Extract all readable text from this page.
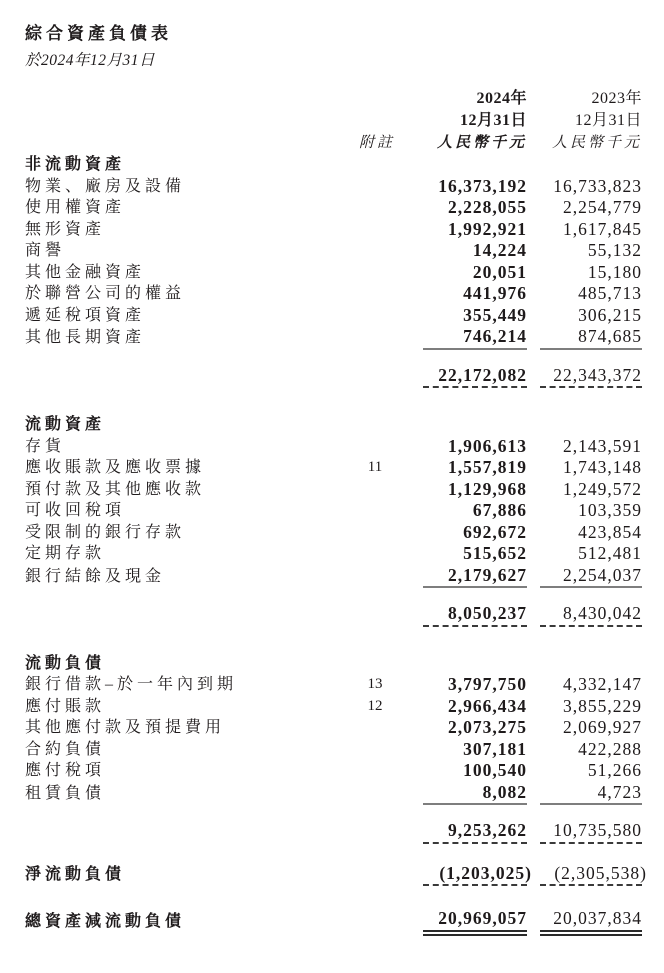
綜合資產負債表
於2024年12月31日
			2024年		2023年
			12月31日		12月31日
	附註		人民幣千元		人民幣千元
非流動資產					
物業、廠房及設備			16,373,192		16,733,823
使用權資產			2,228,055		2,254,779
無形資產			1,992,921		1,617,845
商譽			14,224		55,132
其他金融資產			20,051		15,180
於聯營公司的權益			441,976		485,713
遞延稅項資產			355,449		306,215
其他長期資產			746,214		874,685

			22,172,082		22,343,372

流動資產					
存貨			1,906,613		2,143,591
應收賬款及應收票據	11		1,557,819		1,743,148
預付款及其他應收款			1,129,968		1,249,572
可收回稅項			67,886		103,359
受限制的銀行存款			692,672		423,854
定期存款			515,652		512,481
銀行結餘及現金			2,179,627		2,254,037

			8,050,237		8,430,042

流動負債					
銀行借款–於一年內到期	13		3,797,750		4,332,147
應付賬款	12		2,966,434		3,855,229
其他應付款及預提費用			2,073,275		2,069,927
合約負債			307,181		422,288
應付稅項			100,540		51,266
租賃負債			8,082		4,723

			9,253,262		10,735,580

淨流動負債			(1,203,025)		(2,305,538)

總資產減流動負債			20,969,057		20,037,834
